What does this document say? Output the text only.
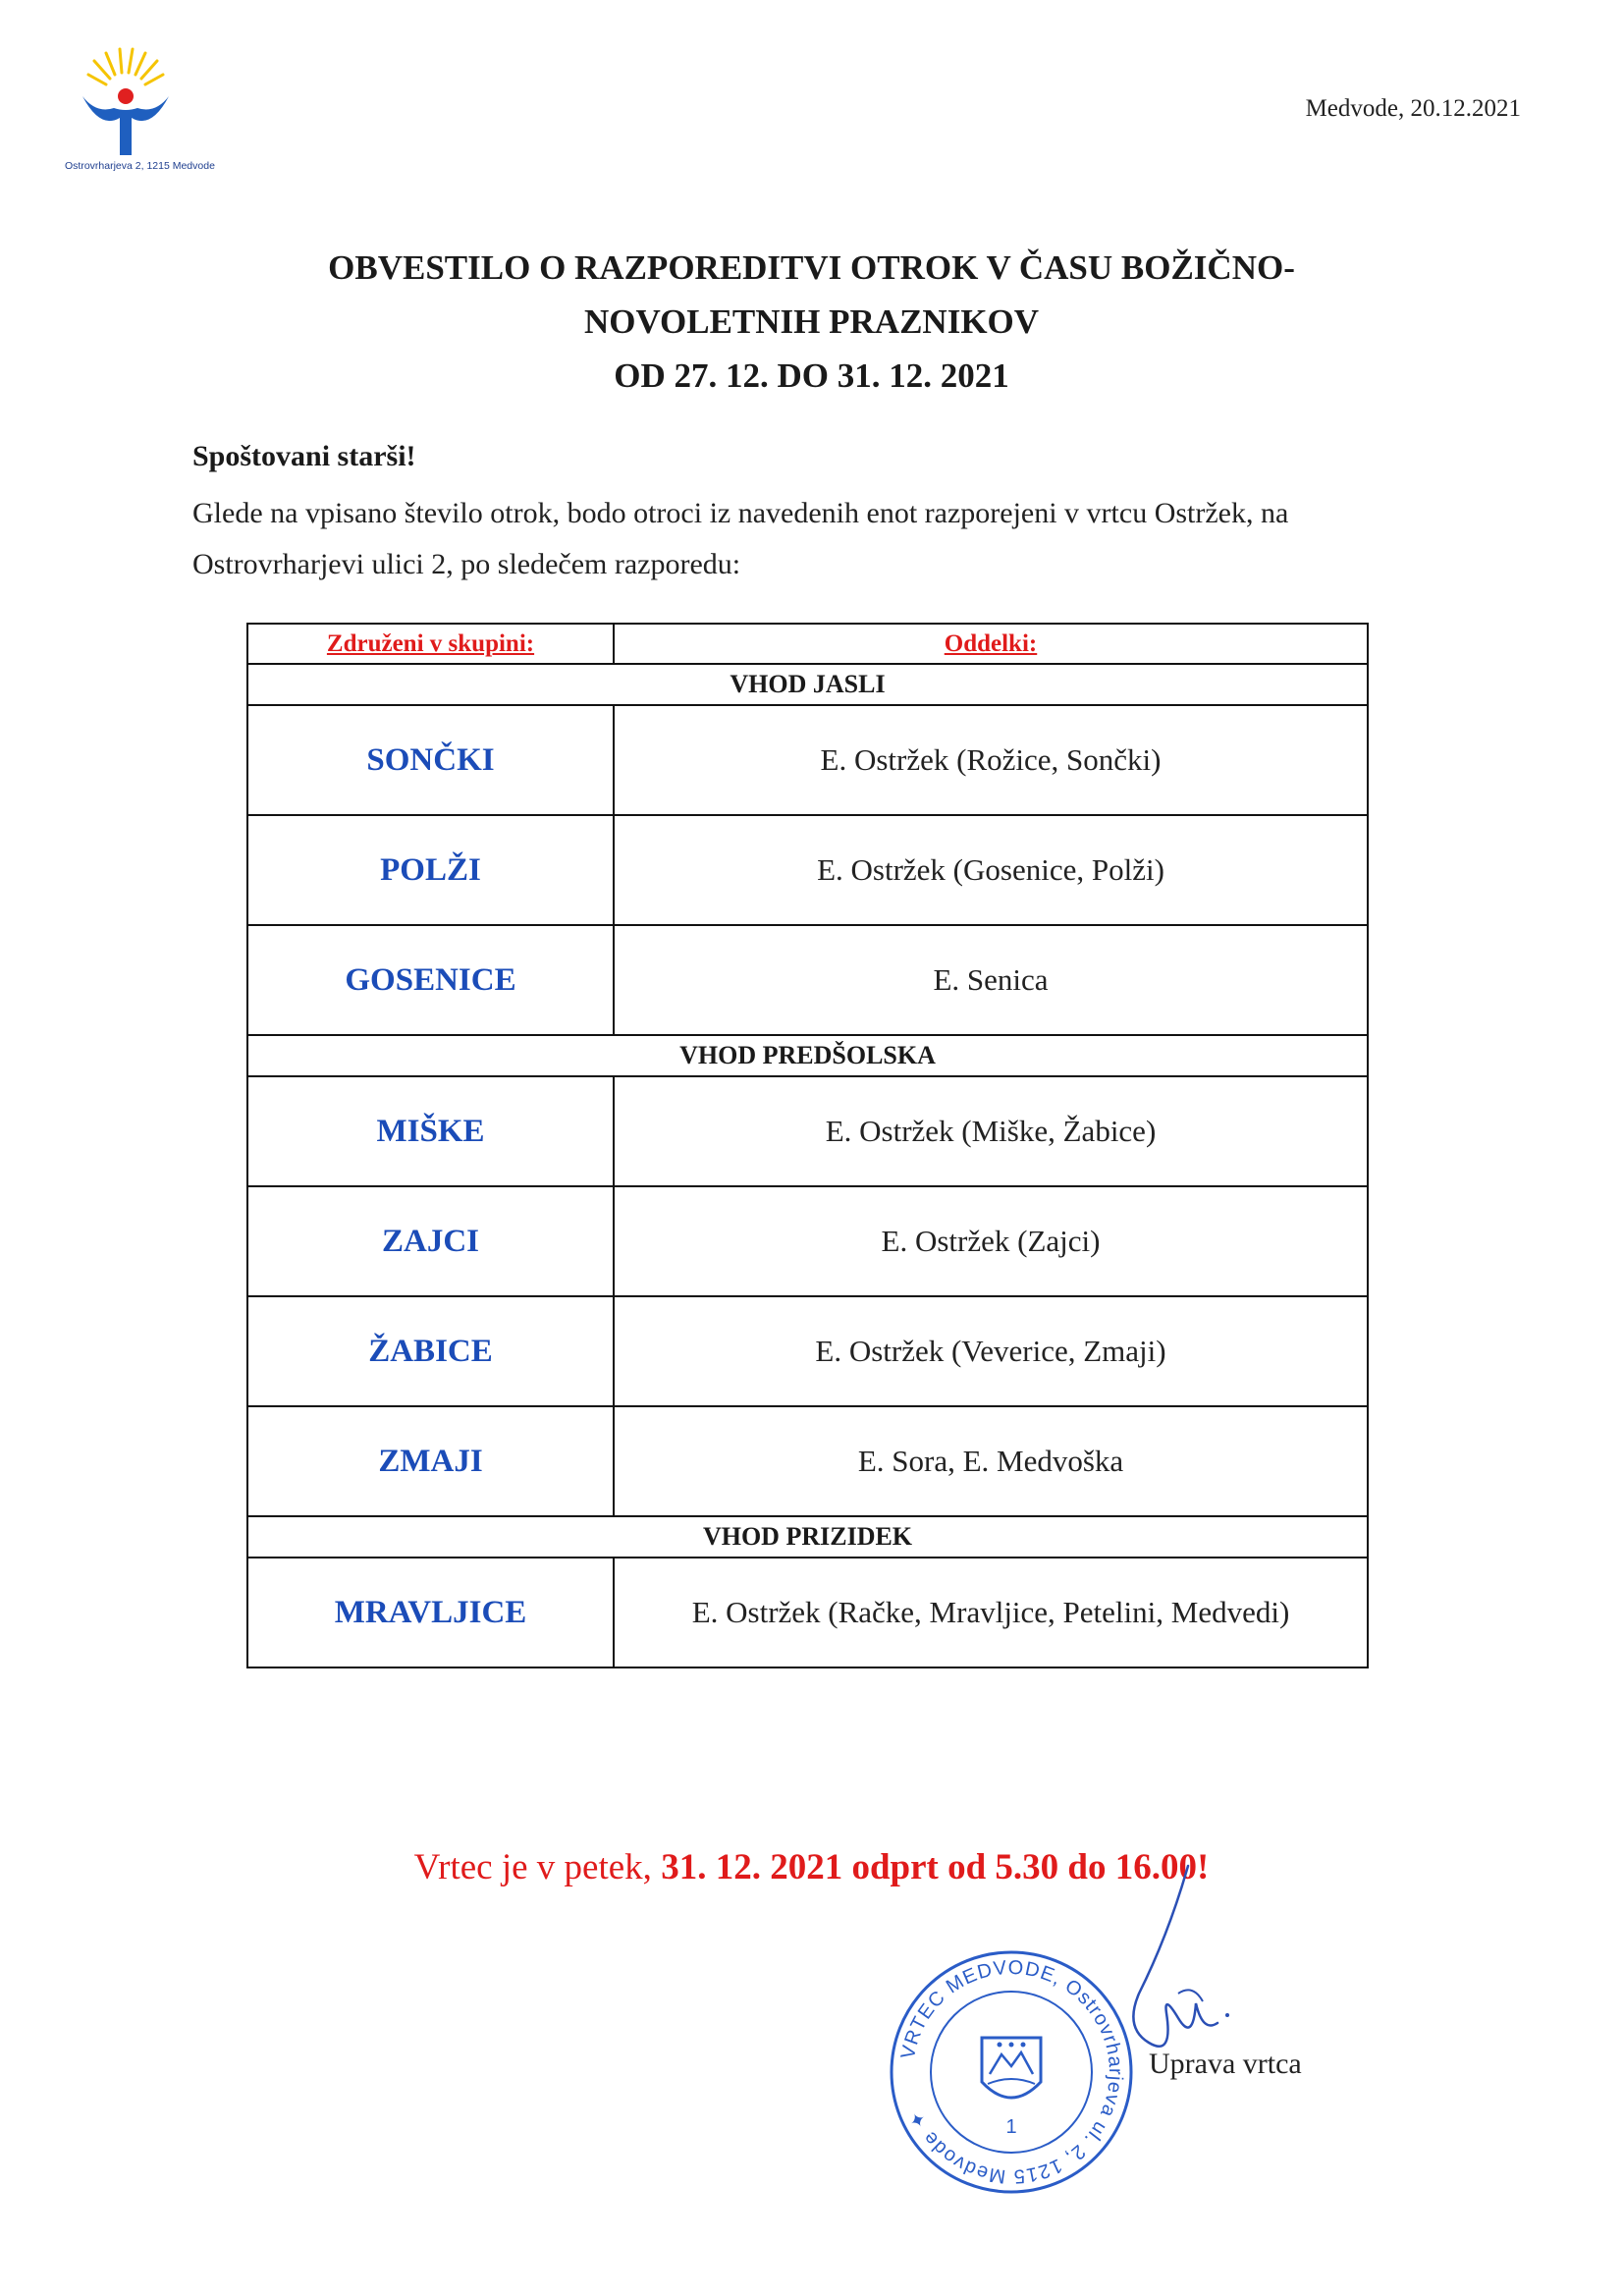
Ostrovrharjeva 2, 1215 Medvode
Medvode, 20.12.2021
OBVESTILO O RAZPOREDITVI OTROK V ČASU BOŽIČNO-
NOVOLETNIH PRAZNIKOV
OD 27. 12. DO 31. 12. 2021
Spoštovani starši!
Glede na vpisano število otrok, bodo otroci iz navedenih enot razporejeni v vrtcu Ostržek, na Ostrovrharjevi ulici 2, po sledečem razporedu:
Združeni v skupini:	Oddelki:
VHOD JASLI	
SONČKI	E. Ostržek (Rožice, Sončki)
POLŽI	E. Ostržek (Gosenice, Polži)
GOSENICE	E. Senica
VHOD PREDŠOLSKA	
MIŠKE	E. Ostržek (Miške, Žabice)
ZAJCI	E. Ostržek (Zajci)
ŽABICE	E. Ostržek (Veverice, Zmaji)
ZMAJI	E. Sora, E. Medvoška
VHOD PRIZIDEK	
MRAVLJICE	E. Ostržek (Račke, Mravljice, Petelini, Medvedi)
Vrtec je v petek, 31. 12. 2021 odprt od 5.30 do 16.00!
VRTEC MEDVODE, Ostrovrharjeva ul. 2, 1215 Medvode ✦	1
Uprava vrtca
